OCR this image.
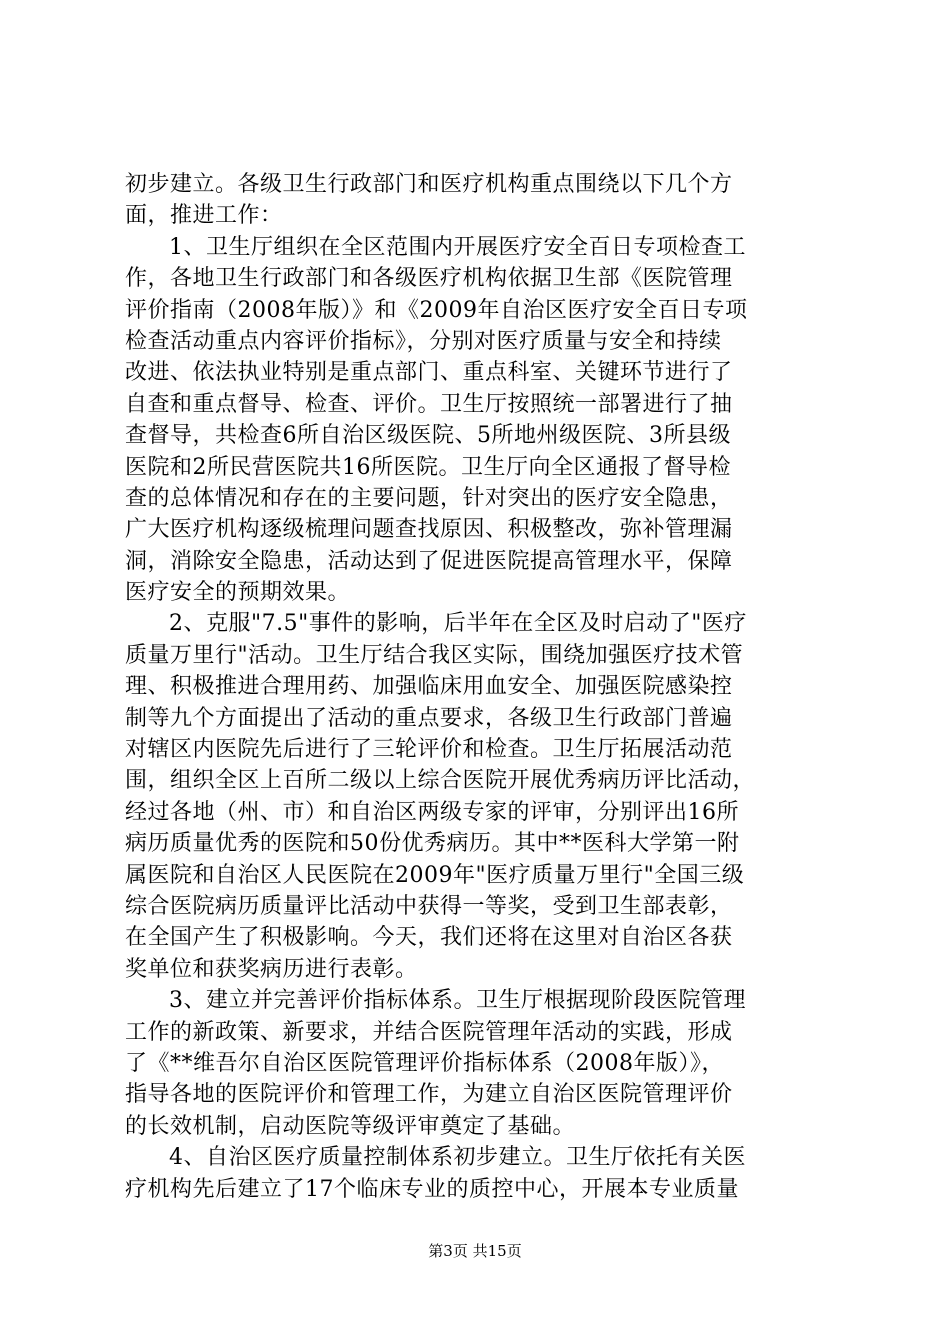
初步建立。各级卫生行政部门和医疗机构重点围绕以下几个方
面，推进工作：
1、卫生厅组织在全区范围内开展医疗安全百日专项检查工
作，各地卫生行政部门和各级医疗机构依据卫生部《医院管理
评价指南（2008年版）》和《2009年自治区医疗安全百日专项
检查活动重点内容评价指标》，分别对医疗质量与安全和持续
改进、依法执业特别是重点部门、重点科室、关键环节进行了
自查和重点督导、检查、评价。卫生厅按照统一部署进行了抽
查督导，共检查6所自治区级医院、5所地州级医院、3所县级
医院和2所民营医院共16所医院。卫生厅向全区通报了督导检
查的总体情况和存在的主要问题，针对突出的医疗安全隐患，
广大医疗机构逐级梳理问题查找原因、积极整改，弥补管理漏
洞，消除安全隐患，活动达到了促进医院提高管理水平，保障
医疗安全的预期效果。
2、克服"7.5"事件的影响，后半年在全区及时启动了"医疗
质量万里行"活动。卫生厅结合我区实际，围绕加强医疗技术管
理、积极推进合理用药、加强临床用血安全、加强医院感染控
制等九个方面提出了活动的重点要求，各级卫生行政部门普遍
对辖区内医院先后进行了三轮评价和检查。卫生厅拓展活动范
围，组织全区上百所二级以上综合医院开展优秀病历评比活动，
经过各地（州、市）和自治区两级专家的评审，分别评出16所
病历质量优秀的医院和50份优秀病历。其中**医科大学第一附
属医院和自治区人民医院在2009年"医疗质量万里行"全国三级
综合医院病历质量评比活动中获得一等奖，受到卫生部表彰，
在全国产生了积极影响。今天，我们还将在这里对自治区各获
奖单位和获奖病历进行表彰。
3、建立并完善评价指标体系。卫生厅根据现阶段医院管理
工作的新政策、新要求，并结合医院管理年活动的实践，形成
了《**维吾尔自治区医院管理评价指标体系（2008年版）》，
指导各地的医院评价和管理工作，为建立自治区医院管理评价
的长效机制，启动医院等级评审奠定了基础。
4、自治区医疗质量控制体系初步建立。卫生厅依托有关医
疗机构先后建立了17个临床专业的质控中心，开展本专业质量
第3页 共15页
